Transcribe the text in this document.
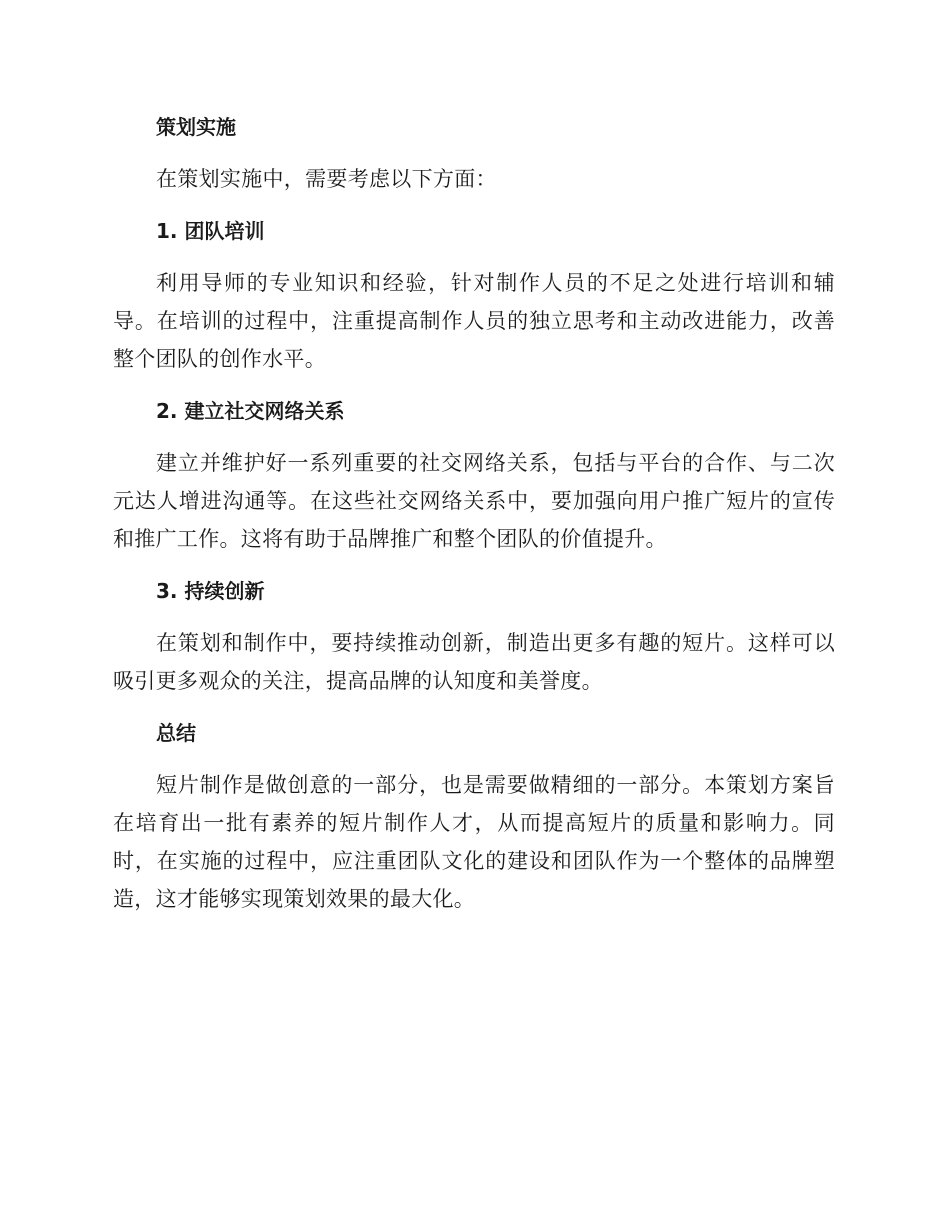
策划实施

在策划实施中，需要考虑以下方面：

1. 团队培训

利用导师的专业知识和经验，针对制作人员的不足之处进行培训和辅导。在培训的过程中，注重提高制作人员的独立思考和主动改进能力，改善整个团队的创作水平。

2. 建立社交网络关系

建立并维护好一系列重要的社交网络关系，包括与平台的合作、与二次元达人增进沟通等。在这些社交网络关系中，要加强向用户推广短片的宣传和推广工作。这将有助于品牌推广和整个团队的价值提升。

3. 持续创新

在策划和制作中，要持续推动创新，制造出更多有趣的短片。这样可以吸引更多观众的关注，提高品牌的认知度和美誉度。

总结

短片制作是做创意的一部分，也是需要做精细的一部分。本策划方案旨在培育出一批有素养的短片制作人才，从而提高短片的质量和影响力。同时，在实施的过程中，应注重团队文化的建设和团队作为一个整体的品牌塑造，这才能够实现策划效果的最大化。
